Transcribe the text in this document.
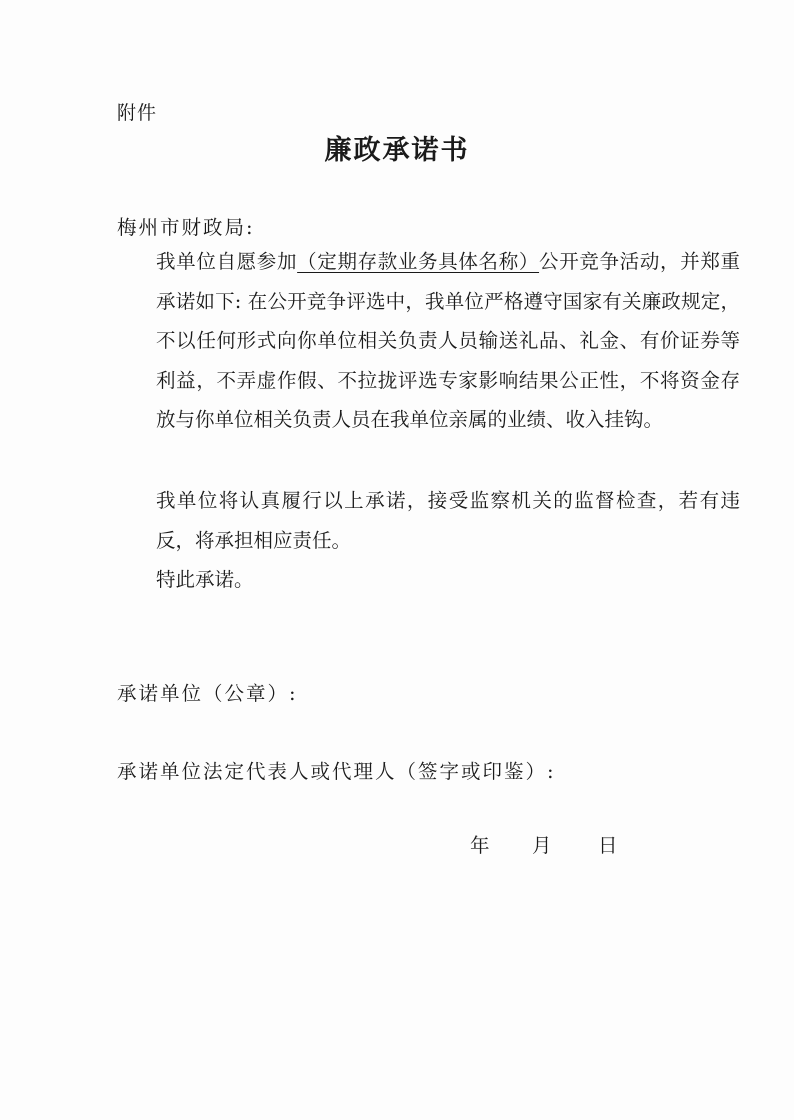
附件
廉政承诺书
梅州市财政局:
我单位自愿参加（定期存款业务具体名称）公开竞争活动，并郑重承诺如下: 在公开竞争评选中，我单位严格遵守国家有关廉政规定，不以任何形式向你单位相关负责人员输送礼品、礼金、有价证券等利益，不弄虚作假、不拉拢评选专家影响结果公正性，不将资金存放与你单位相关负责人员在我单位亲属的业绩、收入挂钩。
我单位将认真履行以上承诺，接受监察机关的监督检查，若有违反，将承担相应责任。
特此承诺。
承诺单位（公章）:
承诺单位法定代表人或代理人（签字或印鉴）:
年 月 日
